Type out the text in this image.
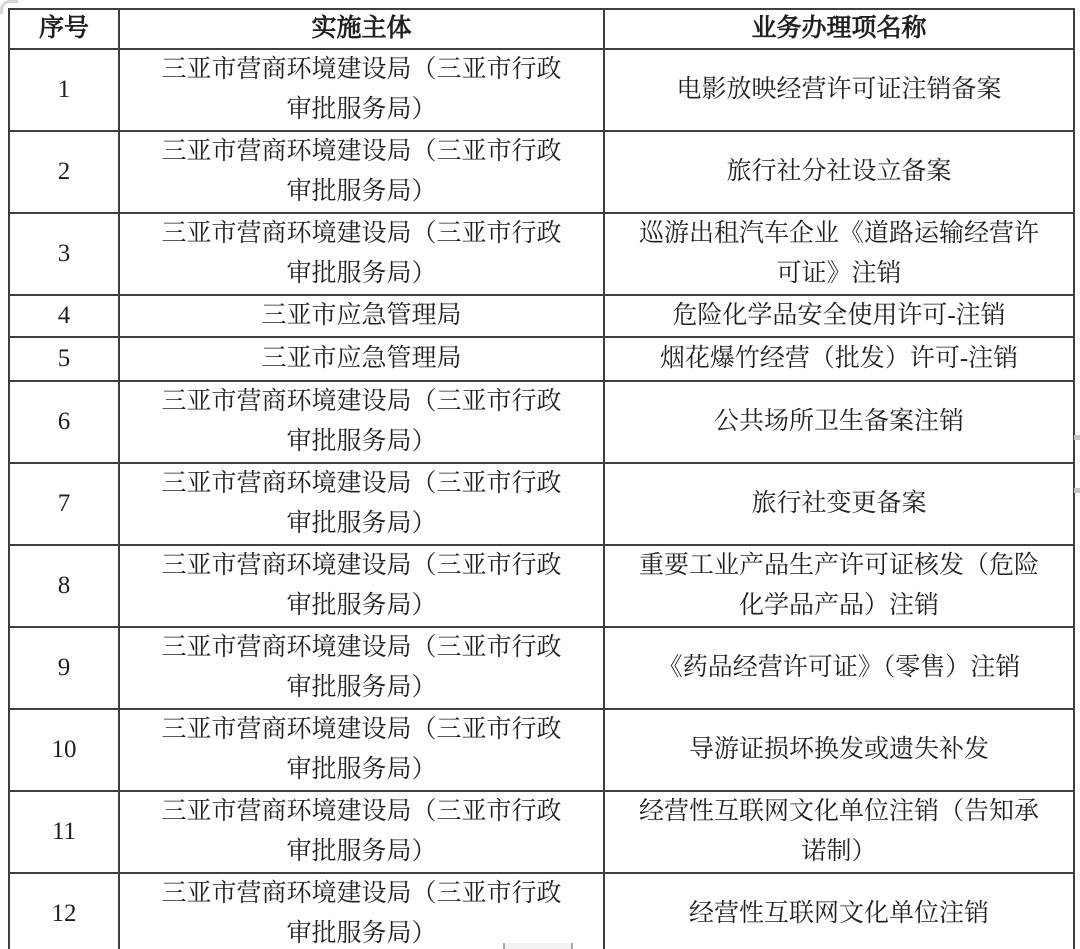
序号	实施主体	业务办理项名称
1	三亚市营商环境建设局（三亚市行政审批服务局）	电影放映经营许可证注销备案
2	三亚市营商环境建设局（三亚市行政审批服务局）	旅行社分社设立备案
3	三亚市营商环境建设局（三亚市行政审批服务局）	巡游出租汽车企业《道路运输经营许可证》注销
4	三亚市应急管理局	危险化学品安全使用许可-注销
5	三亚市应急管理局	烟花爆竹经营（批发）许可-注销
6	三亚市营商环境建设局（三亚市行政审批服务局）	公共场所卫生备案注销
7	三亚市营商环境建设局（三亚市行政审批服务局）	旅行社变更备案
8	三亚市营商环境建设局（三亚市行政审批服务局）	重要工业产品生产许可证核发（危险化学品产品）注销
9	三亚市营商环境建设局（三亚市行政审批服务局）	《药品经营许可证》（零售）注销
10	三亚市营商环境建设局（三亚市行政审批服务局）	导游证损坏换发或遗失补发
11	三亚市营商环境建设局（三亚市行政审批服务局）	经营性互联网文化单位注销（告知承诺制）
12	三亚市营商环境建设局（三亚市行政审批服务局）	经营性互联网文化单位注销
